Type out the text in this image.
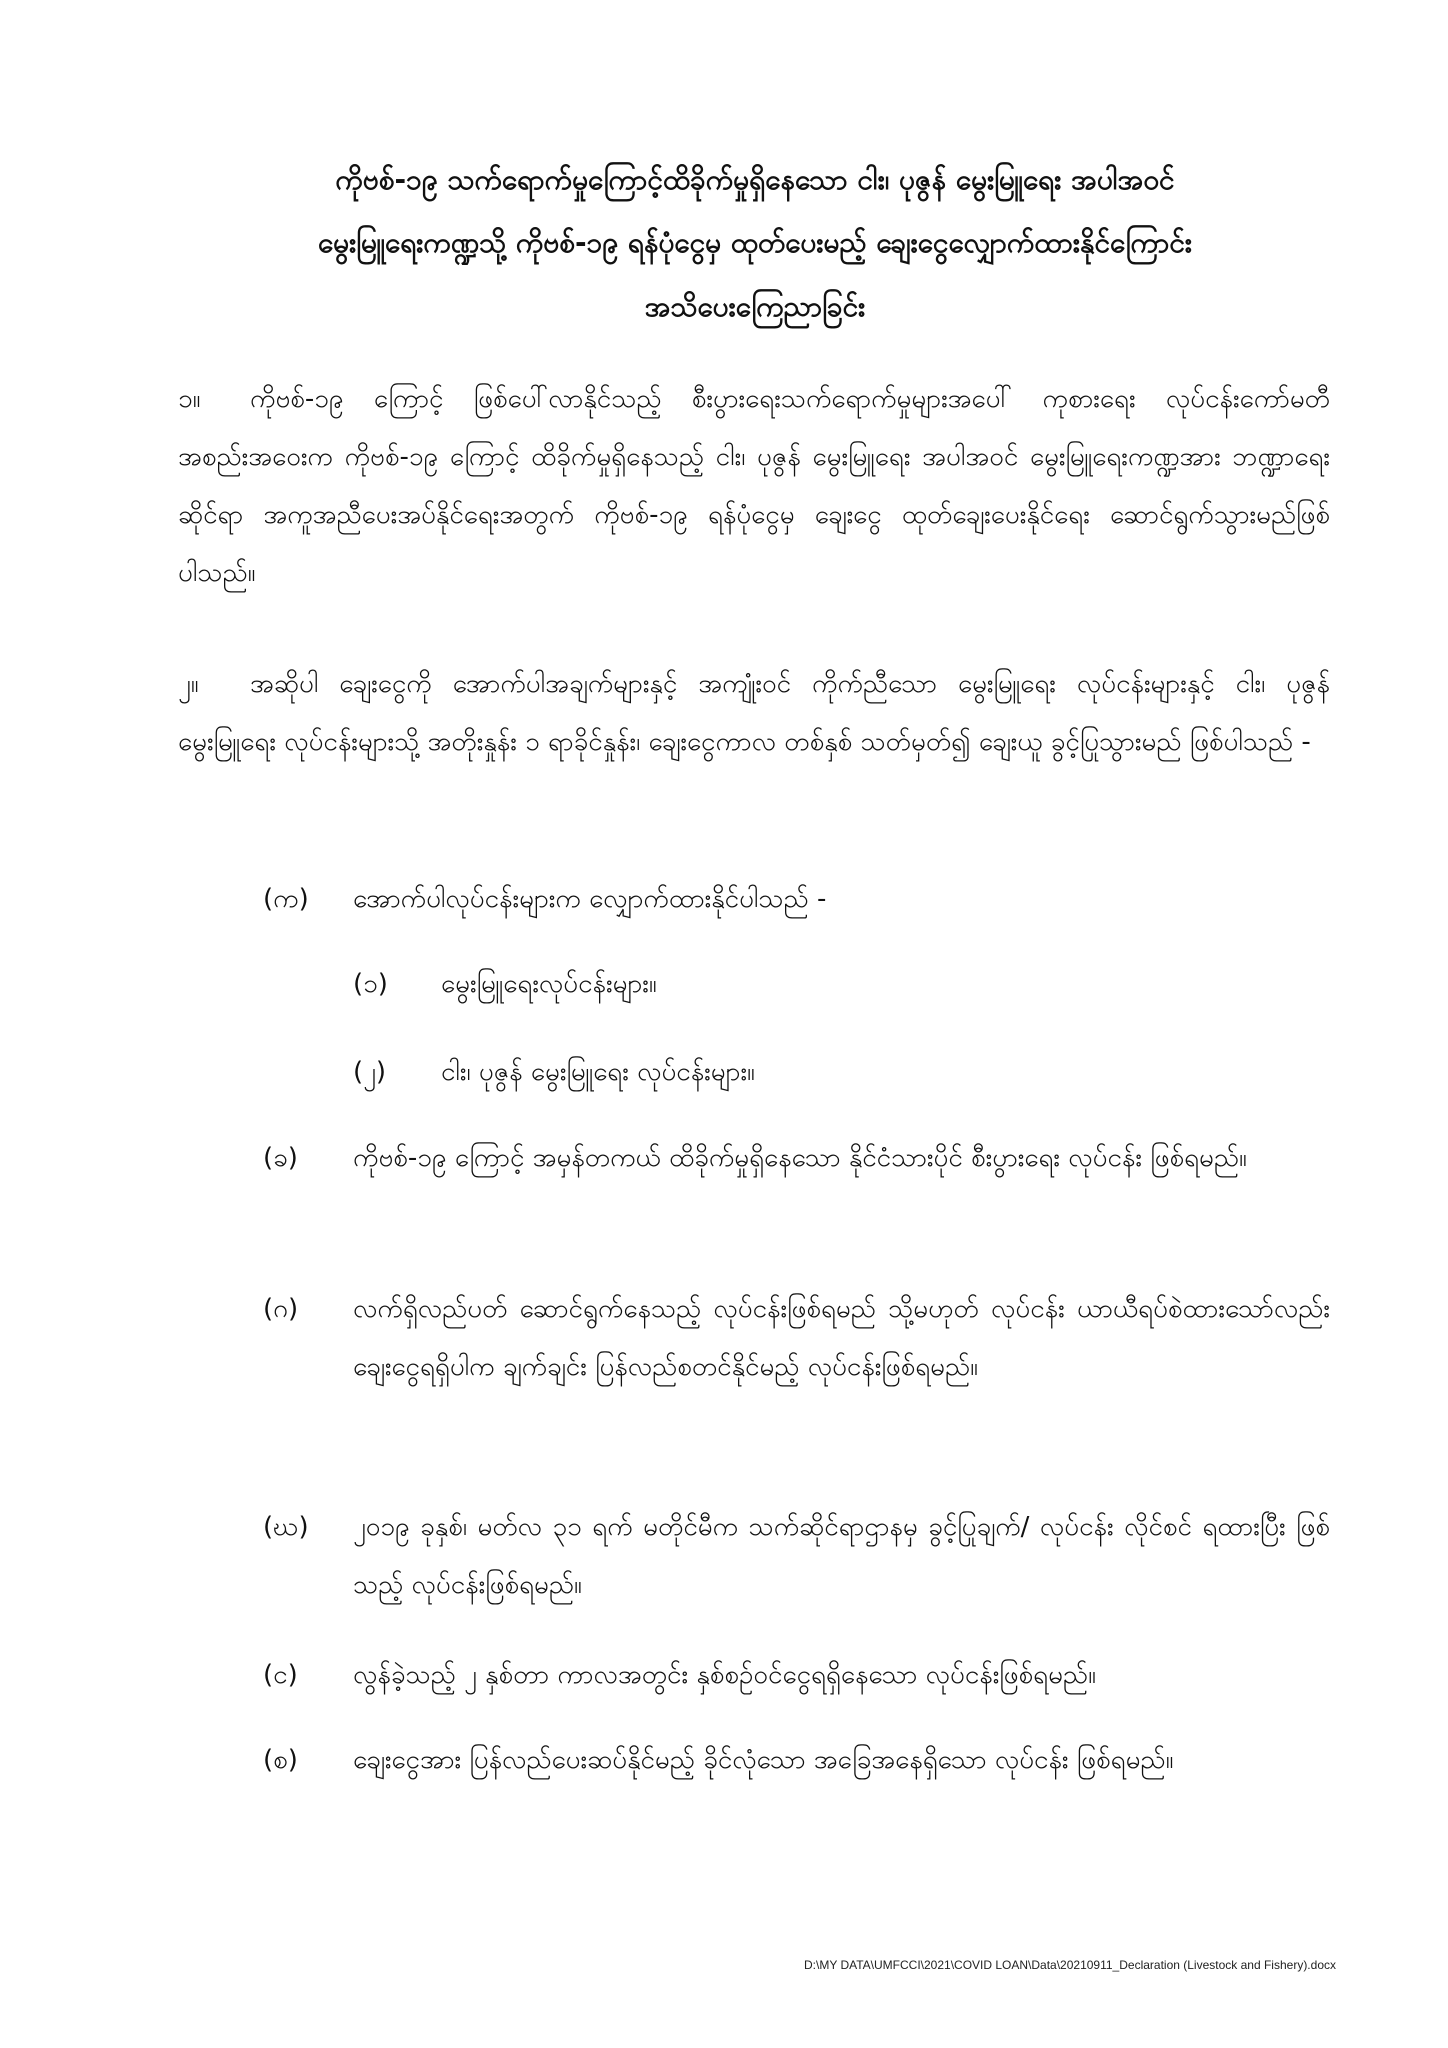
ကိုဗစ်-၁၉ သက်ရောက်မှုကြောင့်ထိခိုက်မှုရှိနေသော ငါး၊ ပုဇွန် မွေးမြူရေး အပါအဝင်
မွေးမြူရေးကဏ္ဍသို့ ကိုဗစ်-၁၉ ရန်ပုံငွေမှ ထုတ်ပေးမည့် ချေးငွေလျှောက်ထားနိုင်ကြောင်း
အသိပေးကြေညာခြင်း
၁။ ကိုဗစ်-၁၉ ကြောင့် ဖြစ်ပေါ်လာနိုင်သည့် စီးပွားရေးသက်ရောက်မှုများအပေါ် ကုစားရေး လုပ်ငန်းကော်မတီအစည်းအဝေးက ကိုဗစ်-၁၉ ကြောင့် ထိခိုက်မှုရှိနေသည့် ငါး၊ ပုဇွန် မွေးမြူရေး အပါအဝင် မွေးမြူရေးကဏ္ဍအား ဘဏ္ဍာရေးဆိုင်ရာ အကူအညီပေးအပ်နိုင်ရေးအတွက် ကိုဗစ်-၁၉ ရန်ပုံငွေမှ ချေးငွေ ထုတ်ချေးပေးနိုင်ရေး ဆောင်ရွက်သွားမည်ဖြစ်ပါသည်။
၂။ အဆိုပါ ချေးငွေကို အောက်ပါအချက်များနှင့် အကျုံးဝင် ကိုက်ညီသော မွေးမြူရေး လုပ်ငန်းများနှင့် ငါး၊ ပုဇွန် မွေးမြူရေး လုပ်ငန်းများသို့ အတိုးနှုန်း ၁ ရာခိုင်နှုန်း၊ ချေးငွေကာလ တစ်နှစ် သတ်မှတ်၍ ချေးယူ ခွင့်ပြုသွားမည် ဖြစ်ပါသည် -
(က)	အောက်ပါလုပ်ငန်းများက လျှောက်ထားနိုင်ပါသည် -
(၁)	မွေးမြူရေးလုပ်ငန်းများ။
(၂)	ငါး၊ ပုဇွန် မွေးမြူရေး လုပ်ငန်းများ။
(ခ)	ကိုဗစ်-၁၉ ကြောင့် အမှန်တကယ် ထိခိုက်မှုရှိနေသော နိုင်ငံသားပိုင် စီးပွားရေး လုပ်ငန်း ဖြစ်ရမည်။
(ဂ)	လက်ရှိလည်ပတ် ဆောင်ရွက်နေသည့် လုပ်ငန်းဖြစ်ရမည် သို့မဟုတ် လုပ်ငန်း ယာယီရပ်စဲထားသော်လည်း ချေးငွေရရှိပါက ချက်ချင်း ပြန်လည်စတင်နိုင်မည့် လုပ်ငန်းဖြစ်ရမည်။
(ဃ)	၂၀၁၉ ခုနှစ်၊ မတ်လ ၃၁ ရက် မတိုင်မီက သက်ဆိုင်ရာဌာနမှ ခွင့်ပြုချက်/ လုပ်ငန်း လိုင်စင် ရထားပြီး ဖြစ်သည့် လုပ်ငန်းဖြစ်ရမည်။
(င)	လွန်ခဲ့သည့် ၂ နှစ်တာ ကာလအတွင်း နှစ်စဉ်ဝင်ငွေရရှိနေသော လုပ်ငန်းဖြစ်ရမည်။
(စ)	ချေးငွေအား ပြန်လည်ပေးဆပ်နိုင်မည့် ခိုင်လုံသော အခြေအနေရှိသော လုပ်ငန်း ဖြစ်ရမည်။
D:\MY DATA\UMFCCI\2021\COVID LOAN\Data\20210911_Declaration (Livestock and Fishery).docx
